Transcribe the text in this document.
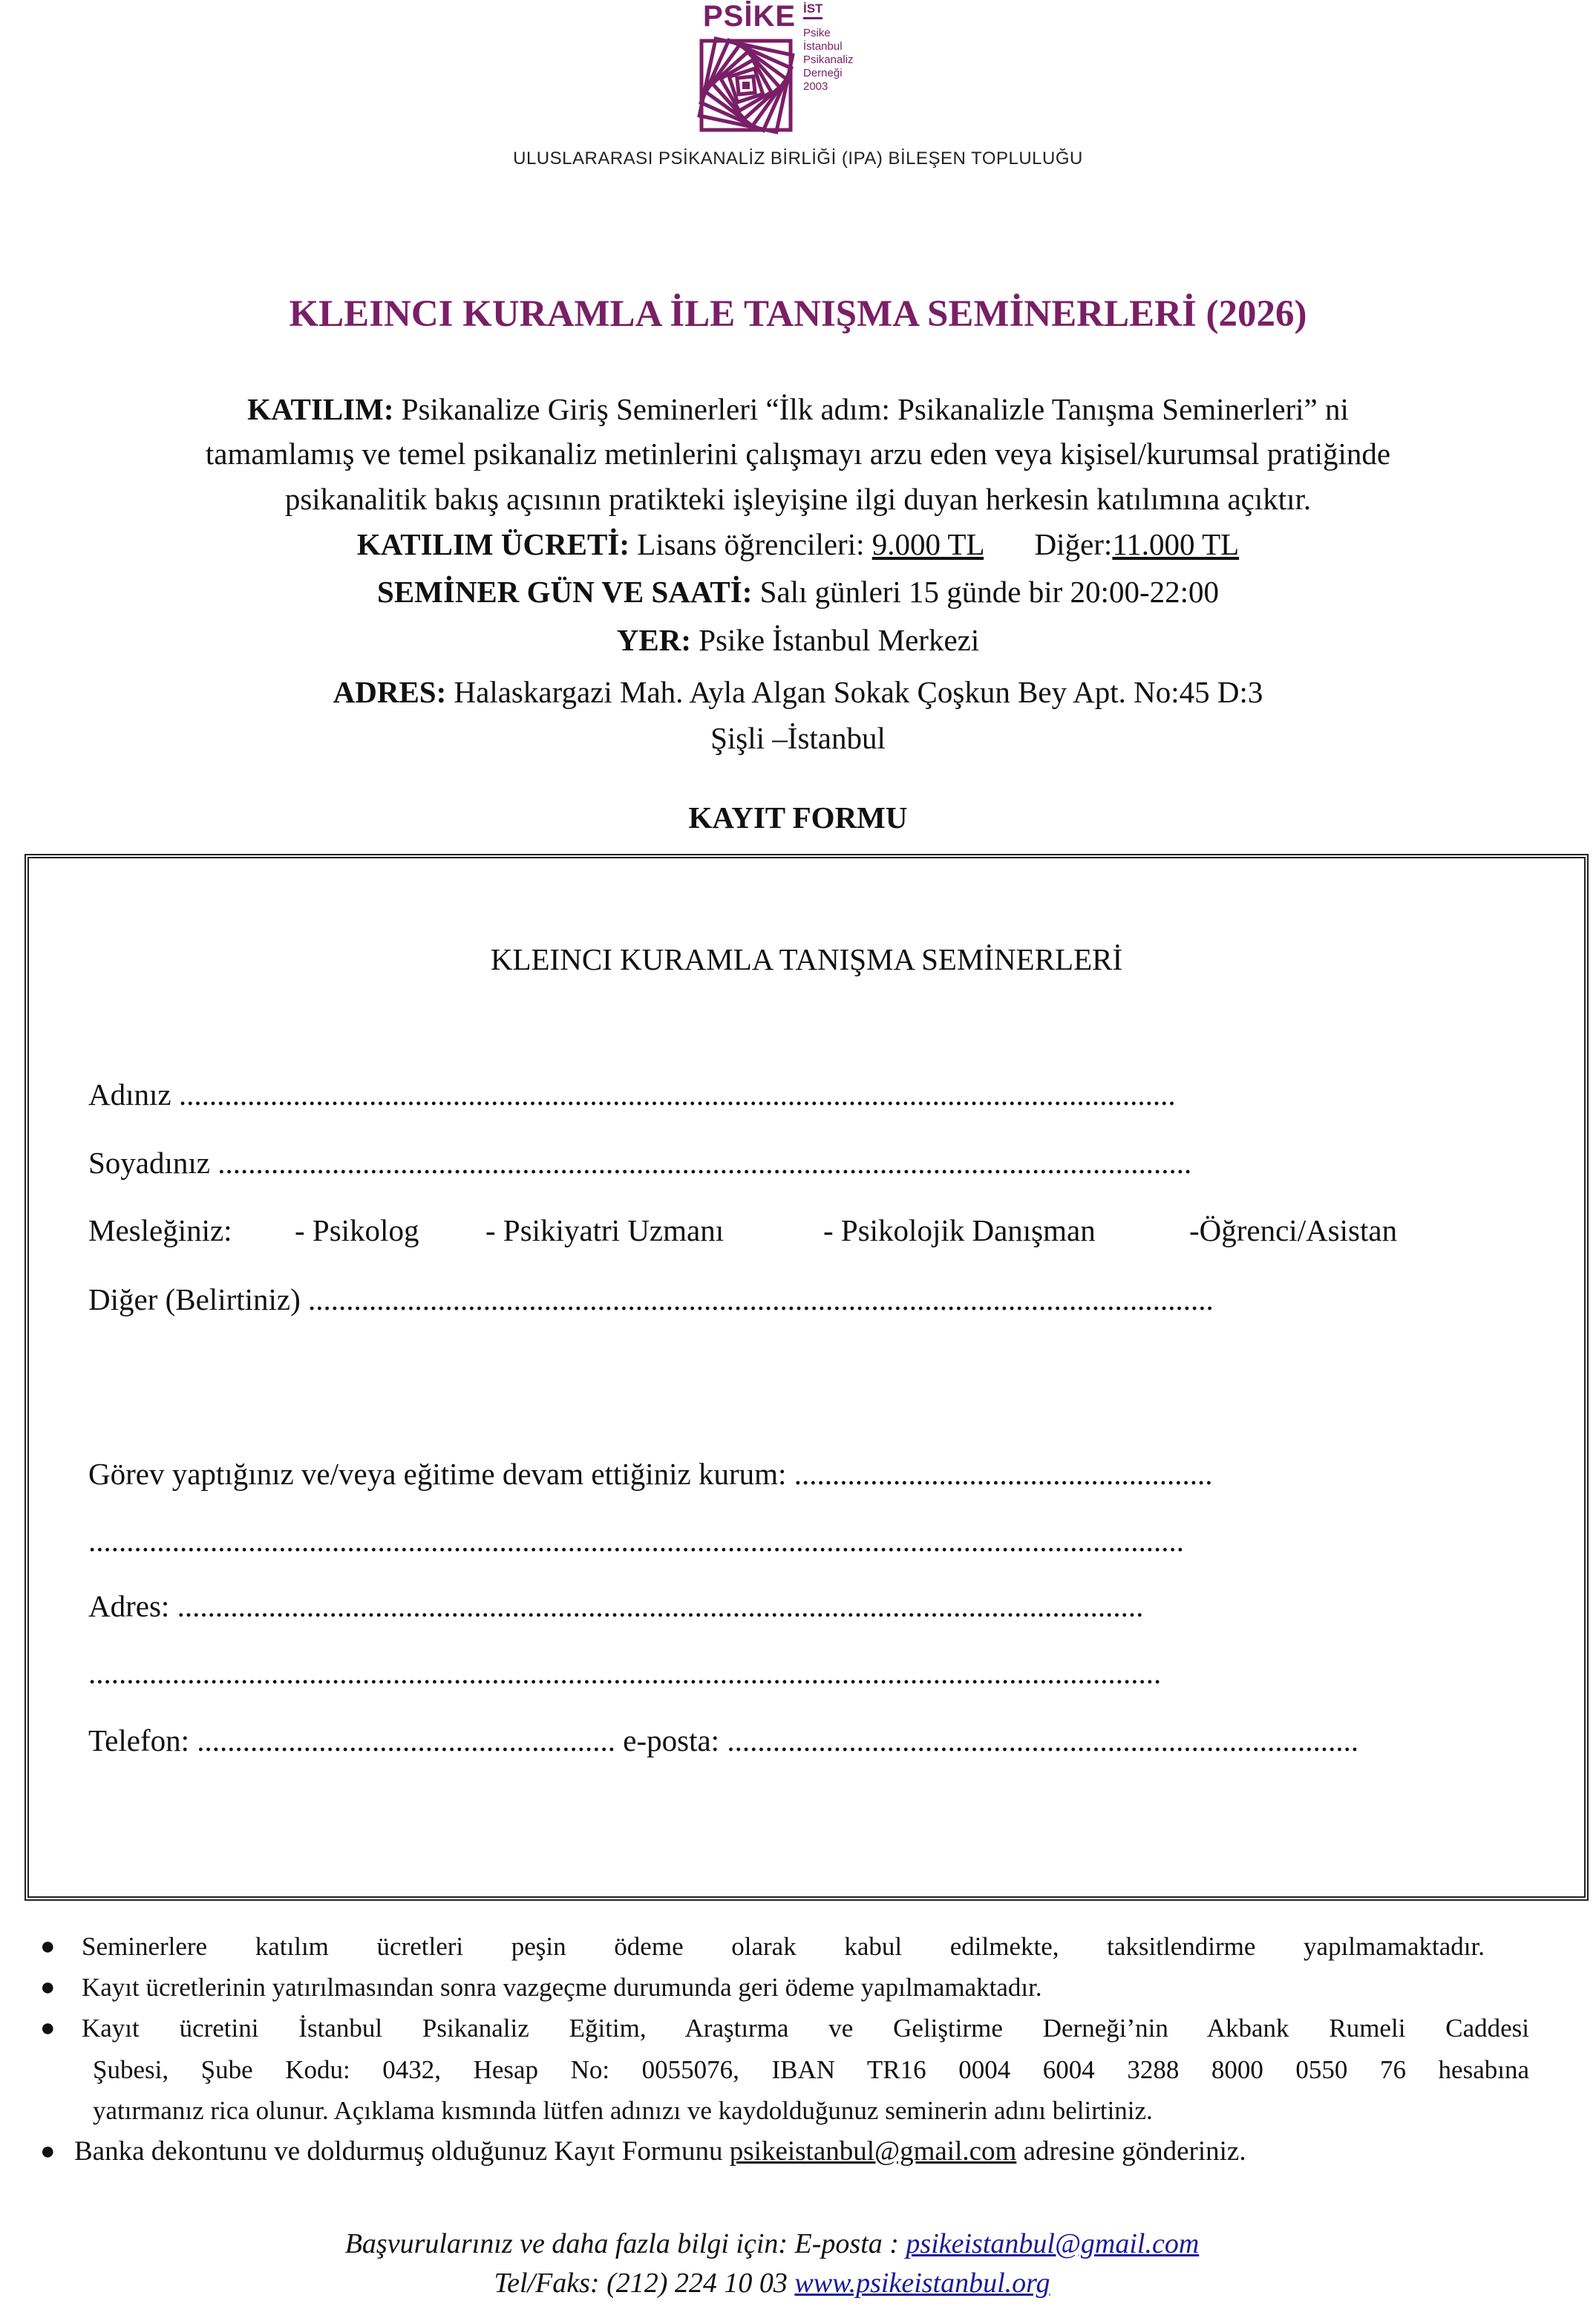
PSİKE İST
Psike
İstanbul
Psikanaliz
Derneği
2003
ULUSLARARASI PSİKANALİZ BİRLİĞİ (IPA) BİLEŞEN TOPLULUĞU
KLEINCI KURAMLA İLE TANIŞMA SEMİNERLERİ (2026)
KATILIM: Psikanalize Giriş Seminerleri “İlk adım: Psikanalizle Tanışma Seminerleri” ni
tamamlamış ve temel psikanaliz metinlerini çalışmayı arzu eden veya kişisel/kurumsal pratiğinde
psikanalitik bakış açısının pratikteki işleyişine ilgi duyan herkesin katılımına açıktır.
KATILIM ÜCRETİ: Lisans öğrencileri: 9.000 TL Diğer:11.000 TL
SEMİNER GÜN VE SAATİ: Salı günleri 15 günde bir 20:00-22:00
YER: Psike İstanbul Merkezi
ADRES: Halaskargazi Mah. Ayla Algan Sokak Çoşkun Bey Apt. No:45 D:3
Şişli –İstanbul
KAYIT FORMU
KLEINCI KURAMLA TANIŞMA SEMİNERLERİ
Adınız ...................................................................................................................................
Soyadınız ................................................................................................................................
Mesleğiniz: - Psikolog - Psikiyatri Uzmanı	- Psikolojik Danışman	-Öğrenci/Asistan
Diğer (Belirtiniz) .......................................................................................................................
Görev yaptığınız ve/veya eğitime devam ettiğiniz kurum: .......................................................
................................................................................................................................................
Adres: ...............................................................................................................................
.............................................................................................................................................
Telefon: ....................................................... e-posta: ...................................................................................
● Seminerlere katılım ücretleri peşin ödeme olarak kabul edilmekte, taksitlendirme yapılmamaktadır.
● Kayıt ücretlerinin yatırılmasından sonra vazgeçme durumunda geri ödeme yapılmamaktadır.
● Kayıt ücretini İstanbul Psikanaliz Eğitim, Araştırma ve Geliştirme Derneği’nin Akbank Rumeli Caddesi
Şubesi, Şube Kodu: 0432, Hesap No: 0055076, IBAN TR16 0004 6004 3288 8000 0550 76 hesabına
yatırmanız rica olunur. Açıklama kısmında lütfen adınızı ve kaydolduğunuz seminerin adını belirtiniz.
● Banka dekontunu ve doldurmuş olduğunuz Kayıt Formunu psikeistanbul@gmail.com adresine gönderiniz.
Başvurularınız ve daha fazla bilgi için: E-posta : psikeistanbul@gmail.com
Tel/Faks: (212) 224 10 03 www.psikeistanbul.org
